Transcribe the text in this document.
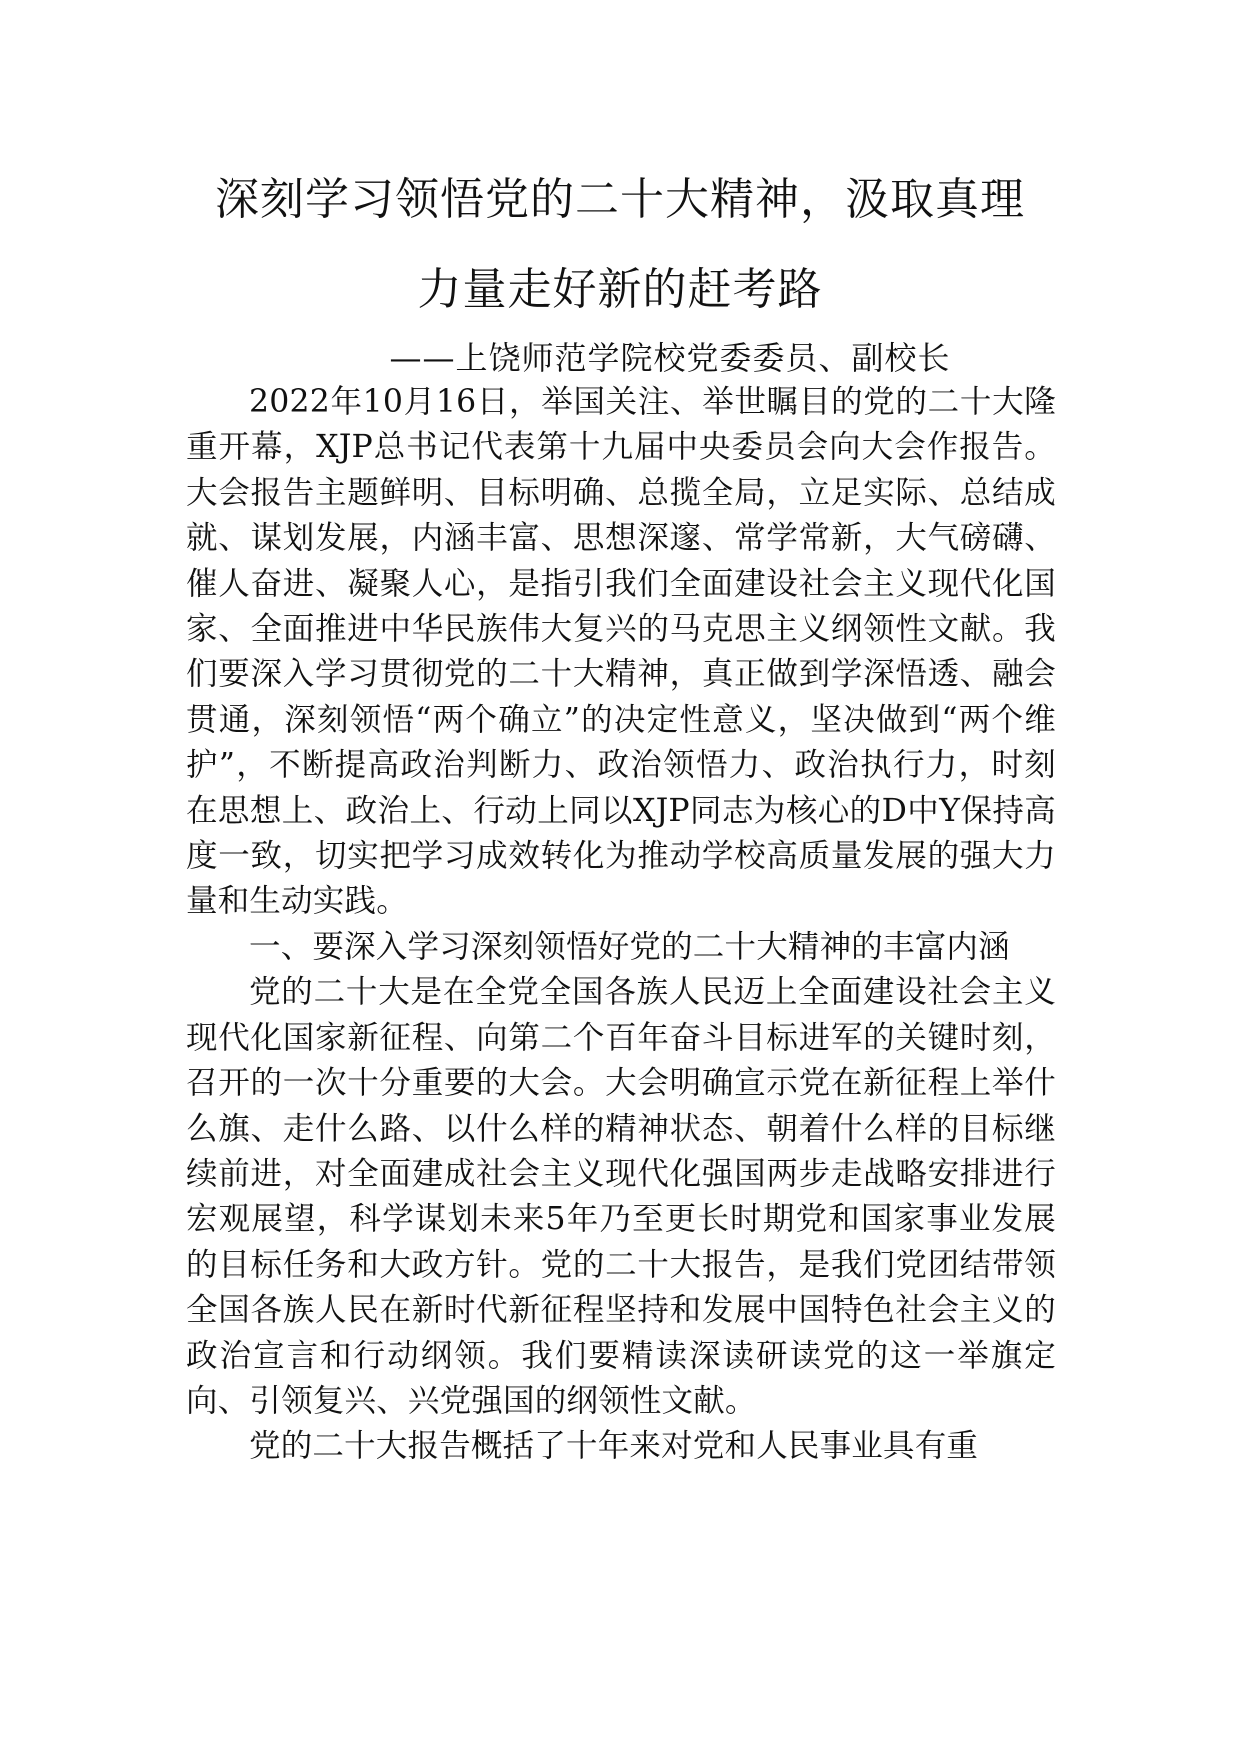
深刻学习领悟党的二十大精神，汲取真理
力量走好新的赶考路
——上饶师范学院校党委委员、副校长

2022年10月16日，举国关注、举世瞩目的党的二十大隆重开幕，XJP总书记代表第十九届中央委员会向大会作报告。大会报告主题鲜明、目标明确、总揽全局，立足实际、总结成就、谋划发展，内涵丰富、思想深邃、常学常新，大气磅礴、催人奋进、凝聚人心，是指引我们全面建设社会主义现代化国家、全面推进中华民族伟大复兴的马克思主义纲领性文献。我们要深入学习贯彻党的二十大精神，真正做到学深悟透、融会贯通，深刻领悟“两个确立”的决定性意义，坚决做到“两个维护”，不断提高政治判断力、政治领悟力、政治执行力，时刻在思想上、政治上、行动上同以XJP同志为核心的D中Y保持高度一致，切实把学习成效转化为推动学校高质量发展的强大力量和生动实践。

一、要深入学习深刻领悟好党的二十大精神的丰富内涵

党的二十大是在全党全国各族人民迈上全面建设社会主义现代化国家新征程、向第二个百年奋斗目标进军的关键时刻，召开的一次十分重要的大会。大会明确宣示党在新征程上举什么旗、走什么路、以什么样的精神状态、朝着什么样的目标继续前进，对全面建成社会主义现代化强国两步走战略安排进行宏观展望，科学谋划未来5年乃至更长时期党和国家事业发展的目标任务和大政方针。党的二十大报告，是我们党团结带领全国各族人民在新时代新征程坚持和发展中国特色社会主义的政治宣言和行动纲领。我们要精读深读研读党的这一举旗定向、引领复兴、兴党强国的纲领性文献。

党的二十大报告概括了十年来对党和人民事业具有重
